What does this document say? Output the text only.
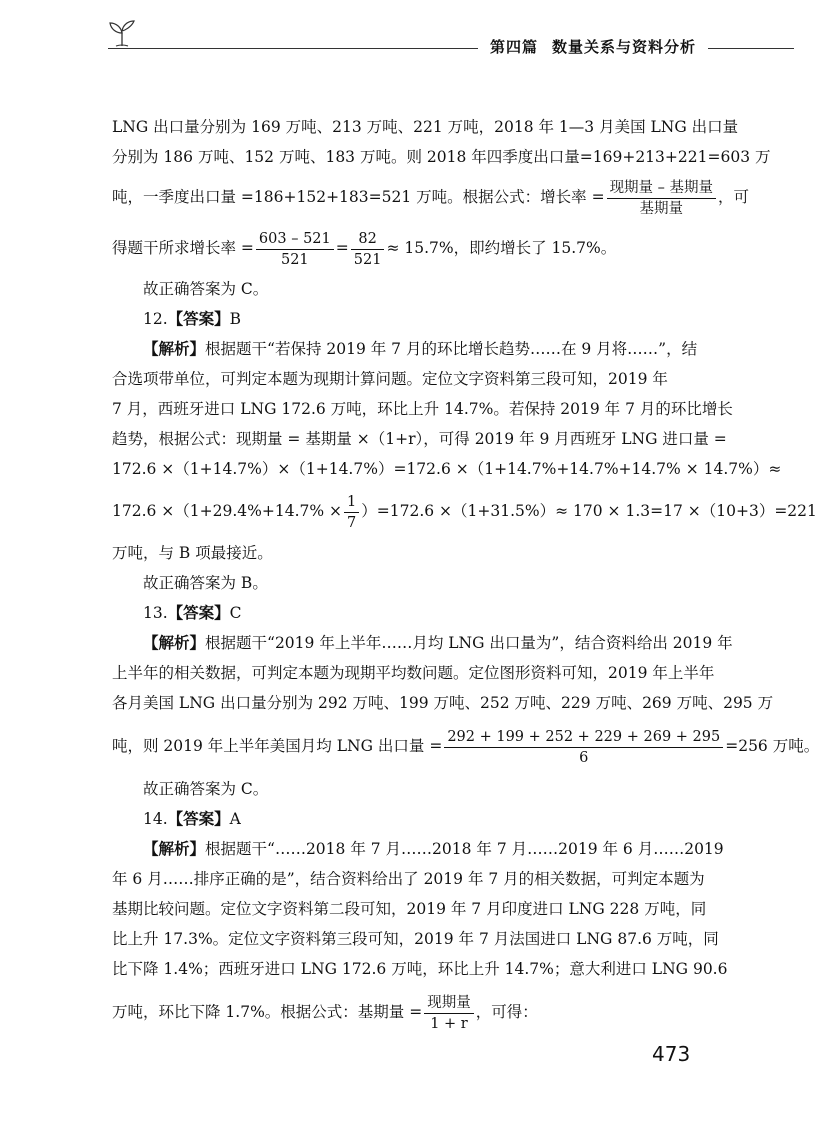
第四篇 数量关系与资料分析
LNG 出口量分别为 169 万吨、213 万吨、221 万吨，2018 年 1—3 月美国 LNG 出口量
分别为 186 万吨、152 万吨、183 万吨。则 2018 年四季度出口量=169+213+221=603 万
吨，一季度出口量 =186+152+183=521 万吨。根据公式：增长率 = $\frac{\text{现期量 – 基期量}}{\text{基期量}}$ ，可
得题干所求增长率 = $\frac{603 - 521}{521} = \frac{82}{521} \approx 15.7\%$，即约增长了 15.7%。
故正确答案为 C。
12.【答案】B
【解析】根据题干“若保持 2019 年 7 月的环比增长趋势……在 9 月将……”，结
合选项带单位，可判定本题为现期计算问题。定位文字资料第三段可知，2019 年
7 月，西班牙进口 LNG 172.6 万吨，环比上升 14.7%。若保持 2019 年 7 月的环比增长
趋势，根据公式：现期量 = 基期量 ×（1+r），可得 2019 年 9 月西班牙 LNG 进口量 =
172.6 ×（1+14.7%）×（1+14.7%）=172.6 ×（1+14.7%+14.7%+14.7% × 14.7%）≈
$172.6 \times(1+29.4\%+14.7\% \times \frac{1}{7} )=172.6 \times(1+31.5\%)\approx 170 \times 1.3=17 \times(10+3)=221$
万吨，与 B 项最接近。
故正确答案为 B。
13.【答案】C
【解析】根据题干“2019 年上半年……月均 LNG 出口量为”，结合资料给出 2019 年
上半年的相关数据，可判定本题为现期平均数问题。定位图形资料可知，2019 年上半年
各月美国 LNG 出口量分别为 292 万吨、199 万吨、252 万吨、229 万吨、269 万吨、295 万
吨，则 2019 年上半年美国月均 LNG 出口量 = $\frac{292 + 199 + 252 + 229 + 269 + 295}{6} =256$ 万吨。
故正确答案为 C。
14.【答案】A
【解析】根据题干“……2018 年 7 月……2018 年 7 月……2019 年 6 月……2019
年 6 月……排序正确的是”，结合资料给出了 2019 年 7 月的相关数据，可判定本题为
基期比较问题。定位文字资料第二段可知，2019 年 7 月印度进口 LNG 228 万吨，同
比上升 17.3%。定位文字资料第三段可知，2019 年 7 月法国进口 LNG 87.6 万吨，同
比下降 1.4%；西班牙进口 LNG 172.6 万吨，环比上升 14.7%；意大利进口 LNG 90.6
万吨，环比下降 1.7%。根据公式：基期量 = $\frac{\text{现期量}}{1 + r}$ ，可得：
473
